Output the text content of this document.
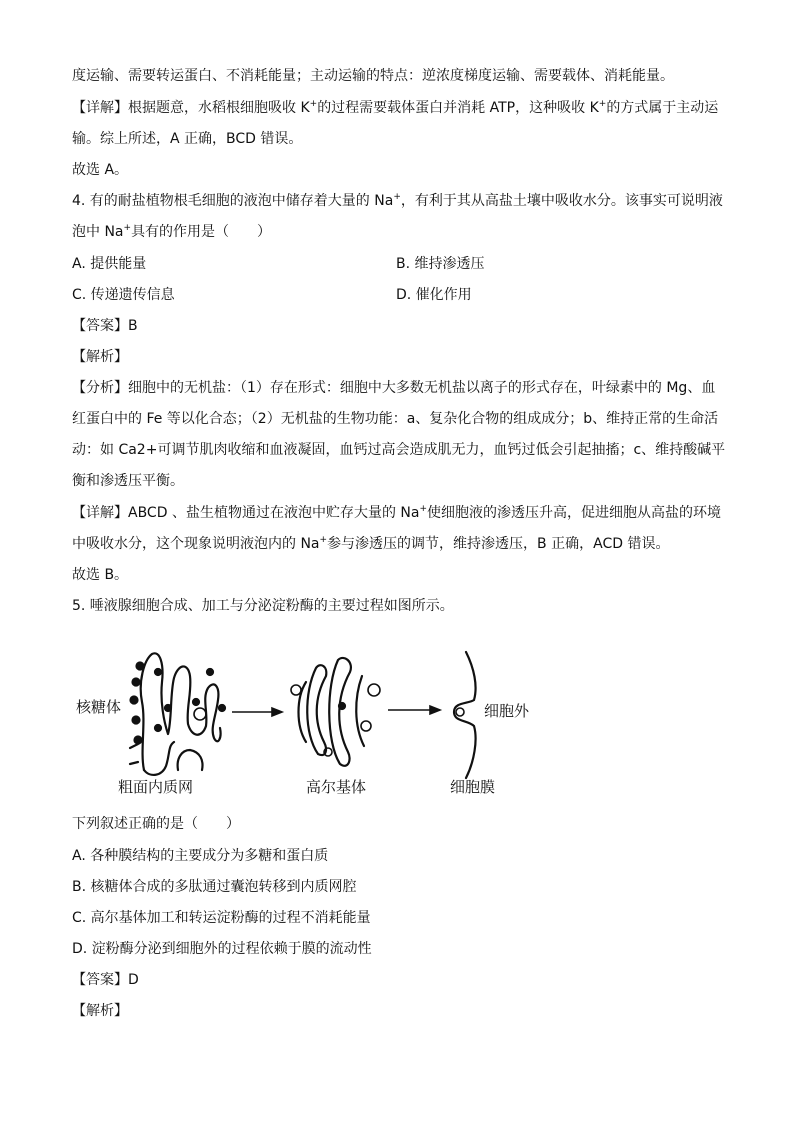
度运输、需要转运蛋白、不消耗能量；主动运输的特点：逆浓度梯度运输、需要载体、消耗能量。
【详解】根据题意，水稻根细胞吸收 K+的过程需要载体蛋白并消耗 ATP，这种吸收 K+的方式属于主动运
输。综上所述，A 正确，BCD 错误。
故选 A。
4. 有的耐盐植物根毛细胞的液泡中储存着大量的 Na+，有利于其从高盐土壤中吸收水分。该事实可说明液
泡中 Na+具有的作用是（　　）
A. 提供能量	B. 维持渗透压
C. 传递遗传信息	D. 催化作用
【答案】B
【解析】
【分析】细胞中的无机盐：（1）存在形式：细胞中大多数无机盐以离子的形式存在，叶绿素中的 Mg、血
红蛋白中的 Fe 等以化合态；（2）无机盐的生物功能：a、复杂化合物的组成成分；b、维持正常的生命活
动：如 Ca2+可调节肌肉收缩和血液凝固，血钙过高会造成肌无力，血钙过低会引起抽搐；c、维持酸碱平
衡和渗透压平衡。
【详解】ABCD 、盐生植物通过在液泡中贮存大量的 Na+使细胞液的渗透压升高，促进细胞从高盐的环境
中吸收水分，这个现象说明液泡内的 Na+参与渗透压的调节，维持渗透压，B 正确，ACD 错误。
故选 B。
5. 唾液腺细胞合成、加工与分泌淀粉酶的主要过程如图所示。
核糖体
粗面内质网	高尔基体	细胞膜
细胞外
下列叙述正确的是（　　）
A. 各种膜结构的主要成分为多糖和蛋白质
B. 核糖体合成的多肽通过囊泡转移到内质网腔
C. 高尔基体加工和转运淀粉酶的过程不消耗能量
D. 淀粉酶分泌到细胞外的过程依赖于膜的流动性
【答案】D
【解析】
